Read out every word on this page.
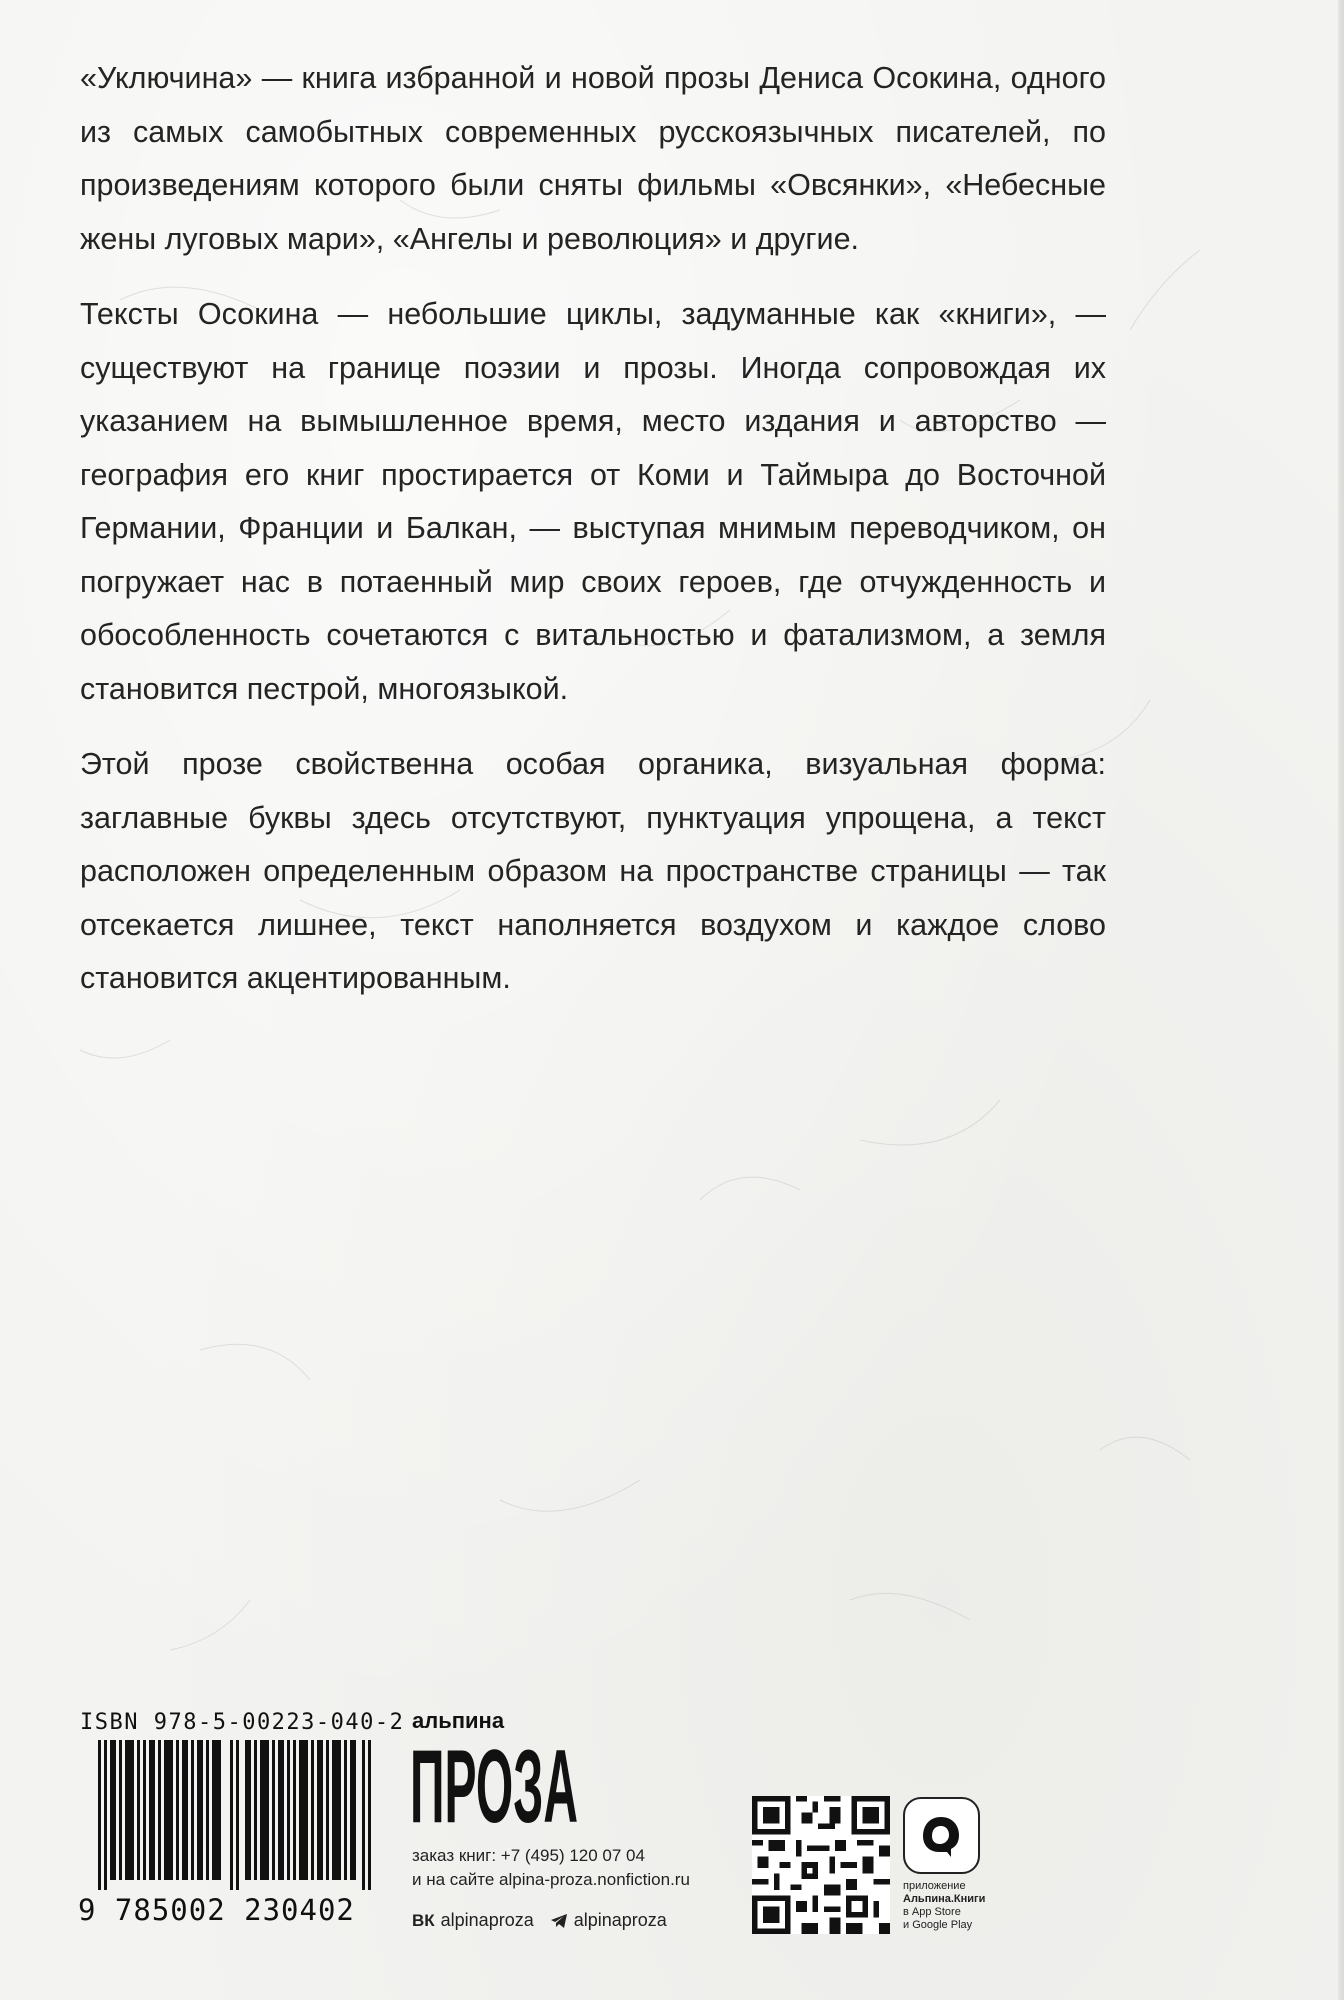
«Уключина» — книга избранной и новой прозы Дениса Осокина, одного из самых самобытных современных русскоязычных писателей, по произведениям которого были сняты фильмы «Овсянки», «Небесные жены луговых мари», «Ангелы и революция» и другие.

Тексты Осокина — небольшие циклы, задуманные как «книги», — существуют на границе поэзии и прозы. Иногда сопровождая их указанием на вымышленное время, место издания и авторство — география его книг простирается от Коми и Таймыра до Восточной Германии, Франции и Балкан, — выступая мнимым переводчиком, он погружает нас в потаенный мир своих героев, где отчужденность и обособленность сочетаются с витальностью и фатализмом, а земля становится пестрой, многоязыкой.

Этой прозе свойственна особая органика, визуальная форма: заглавные буквы здесь отсутствуют, пунктуация упрощена, а текст расположен определенным образом на пространстве страницы — так отсекается лишнее, текст наполняется воздухом и каждое слово становится акцентированным.

ISBN 978-5-00223-040-2
9 785002 230402
альпина
ПРОЗА
заказ книг: +7 (495) 120 07 04
и на сайте alpina-proza.nonfiction.ru
ВК alpinaproza alpinaproza
приложение
Альпина.Книги
в App Store
и Google Play
